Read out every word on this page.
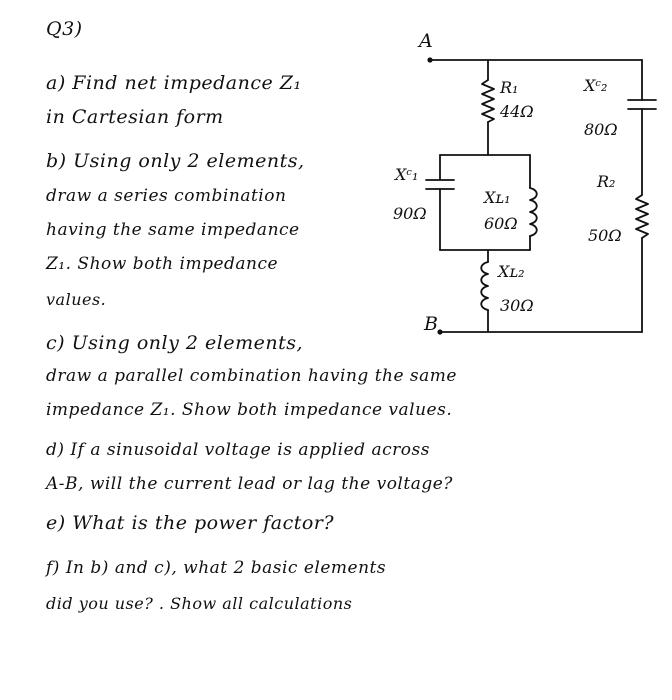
Q3)
a) Find net impedance Z₁
in Cartesian form
b) Using only 2 elements,
draw a series combination
having the same impedance
Z₁. Show both impedance
values.
c) Using only 2 elements,
draw a parallel combination having the same
impedance Z₁. Show both impedance values.
d) If a sinusoidal voltage is applied across
A-B, will the current lead or lag the voltage?
e) What is the power factor?
f) In b) and c), what 2 basic elements
did you use? . Show all calculations
A
B
R₁
44Ω
Xᶜ₂
80Ω
Xᶜ₁
90Ω
Xʟ₁
60Ω
R₂
50Ω
Xʟ₂
30Ω
